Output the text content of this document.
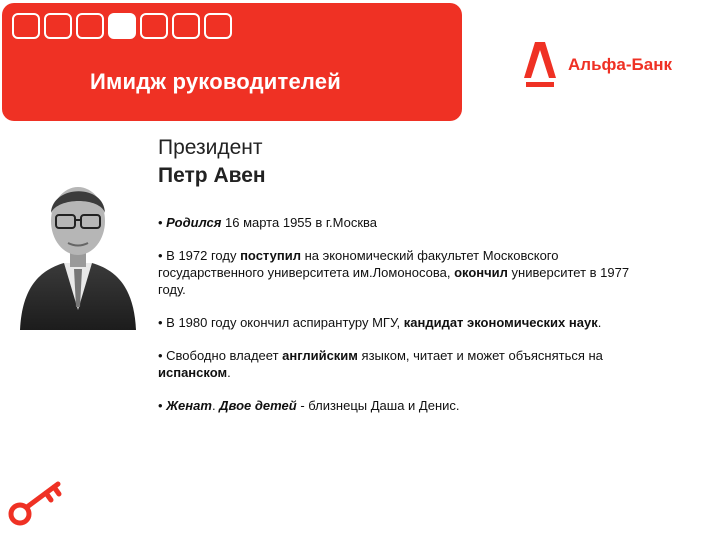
Имидж руководителей
Альфа-Банк
Президент
Петр Авен
• Родился 16 марта 1955 в г.Москва
• В 1972 году поступил на экономический факультет Московского государственного университета им.Ломоносова, окончил университет в 1977 году.
• В 1980 году окончил аспирантуру МГУ, кандидат экономических наук.
• Свободно владеет английским языком, читает и может объясняться на испанском.
• Женат. Двое детей - близнецы Даша и Денис.
